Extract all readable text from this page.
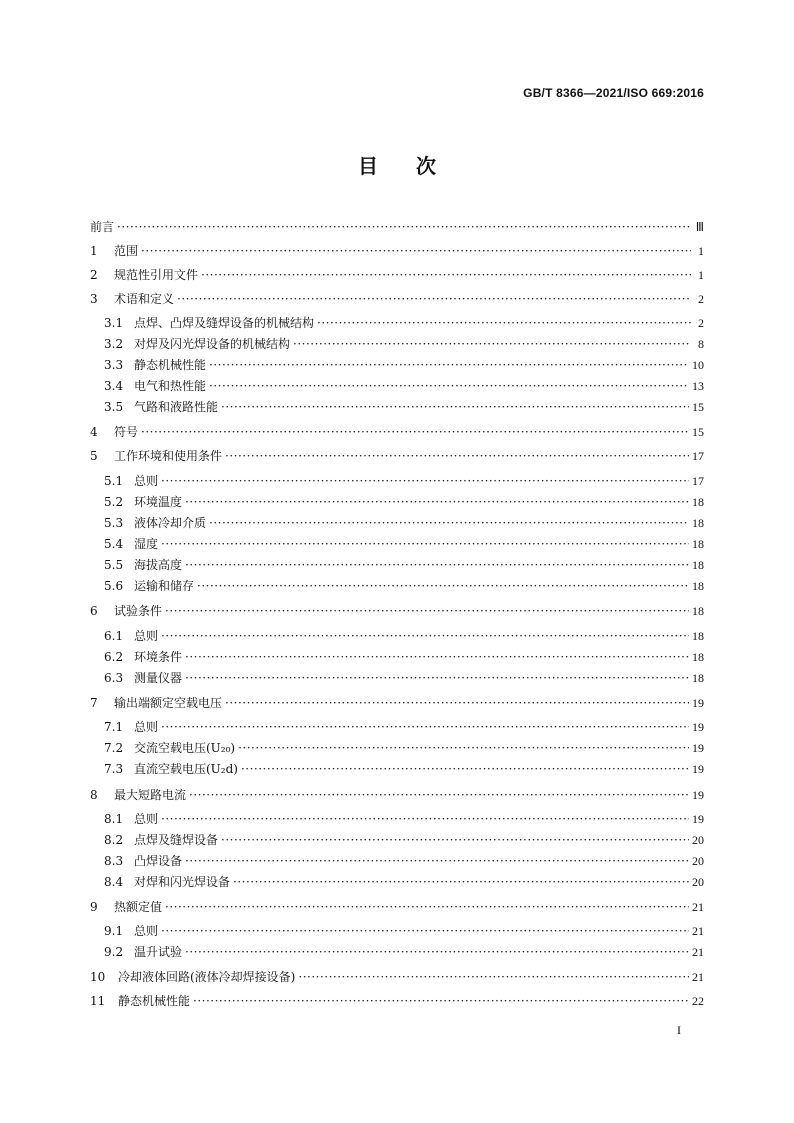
GB/T 8366—2021/ISO 669:2016
目次
前言 ·····	Ⅲ
1	范围 ·····	1
2	规范性引用文件 ·····	1
3	术语和定义 ·····	2
3.1 点焊、凸焊及缝焊设备的机械结构 ·····	2
3.2 对焊及闪光焊设备的机械结构 ·····	8
3.3 静态机械性能 ·····	10
3.4 电气和热性能 ·····	13
3.5 气路和液路性能 ·····	15
4	符号 ·····	15
5	工作环境和使用条件 ·····	17
5.1 总则 ·····	17
5.2 环境温度 ·····	18
5.3 液体冷却介质 ·····	18
5.4 湿度 ·····	18
5.5 海拔高度 ·····	18
5.6 运输和储存 ·····	18
6	试验条件 ·····	18
6.1 总则 ·····	18
6.2 环境条件 ·····	18
6.3 测量仪器 ·····	18
7	输出端额定空载电压 ·····	19
7.1 总则 ·····	19
7.2 交流空载电压(U₂₀) ·····	19
7.3 直流空载电压(U₂d) ·····	19
8	最大短路电流 ·····	19
8.1 总则 ·····	19
8.2 点焊及缝焊设备 ·····	20
8.3 凸焊设备 ·····	20
8.4 对焊和闪光焊设备 ·····	20
9	热额定值 ·····	21
9.1 总则 ·····	21
9.2 温升试验 ·····	21
10	冷却液体回路(液体冷却焊接设备) ·····	21
11	静态机械性能 ·····	22
I
